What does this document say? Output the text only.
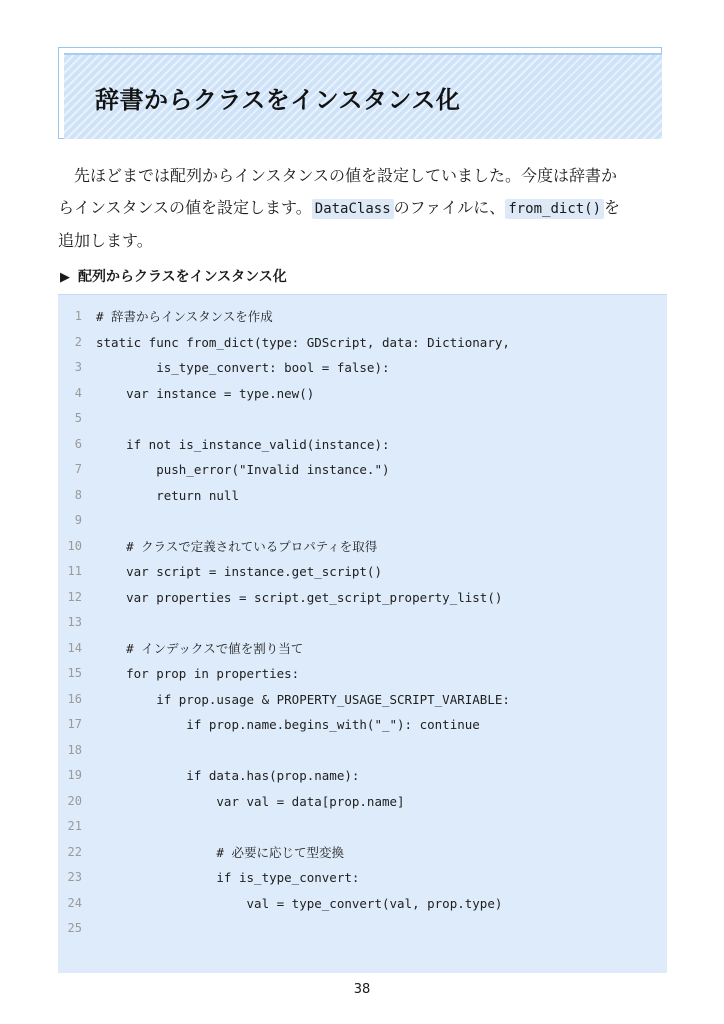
辞書からクラスをインスタンス化
先ほどまでは配列からインスタンスの値を設定していました。今度は辞書か
らインスタンスの値を設定します。 DataClass のファイルに、 from_dict() を
追加します。
▶ 配列からクラスをインスタンス化
1 # 辞書からインスタンスを作成
2 static func from_dict(type: GDScript, data: Dictionary,
3 is_type_convert: bool = false):
4 var instance = type.new()
5
6 if not is_instance_valid(instance):
7 push_error("Invalid instance.")
8 return null
9
10 # クラスで定義されているプロパティを取得
11 var script = instance.get_script()
12 var properties = script.get_script_property_list()
13
14 # インデックスで値を割り当て
15 for prop in properties:
16 if prop.usage & PROPERTY_USAGE_SCRIPT_VARIABLE:
17 if prop.name.begins_with("_"): continue
18
19 if data.has(prop.name):
20 var val = data[prop.name]
21
22 # 必要に応じて型変換
23 if is_type_convert:
24 val = type_convert(val, prop.type)
25
38
